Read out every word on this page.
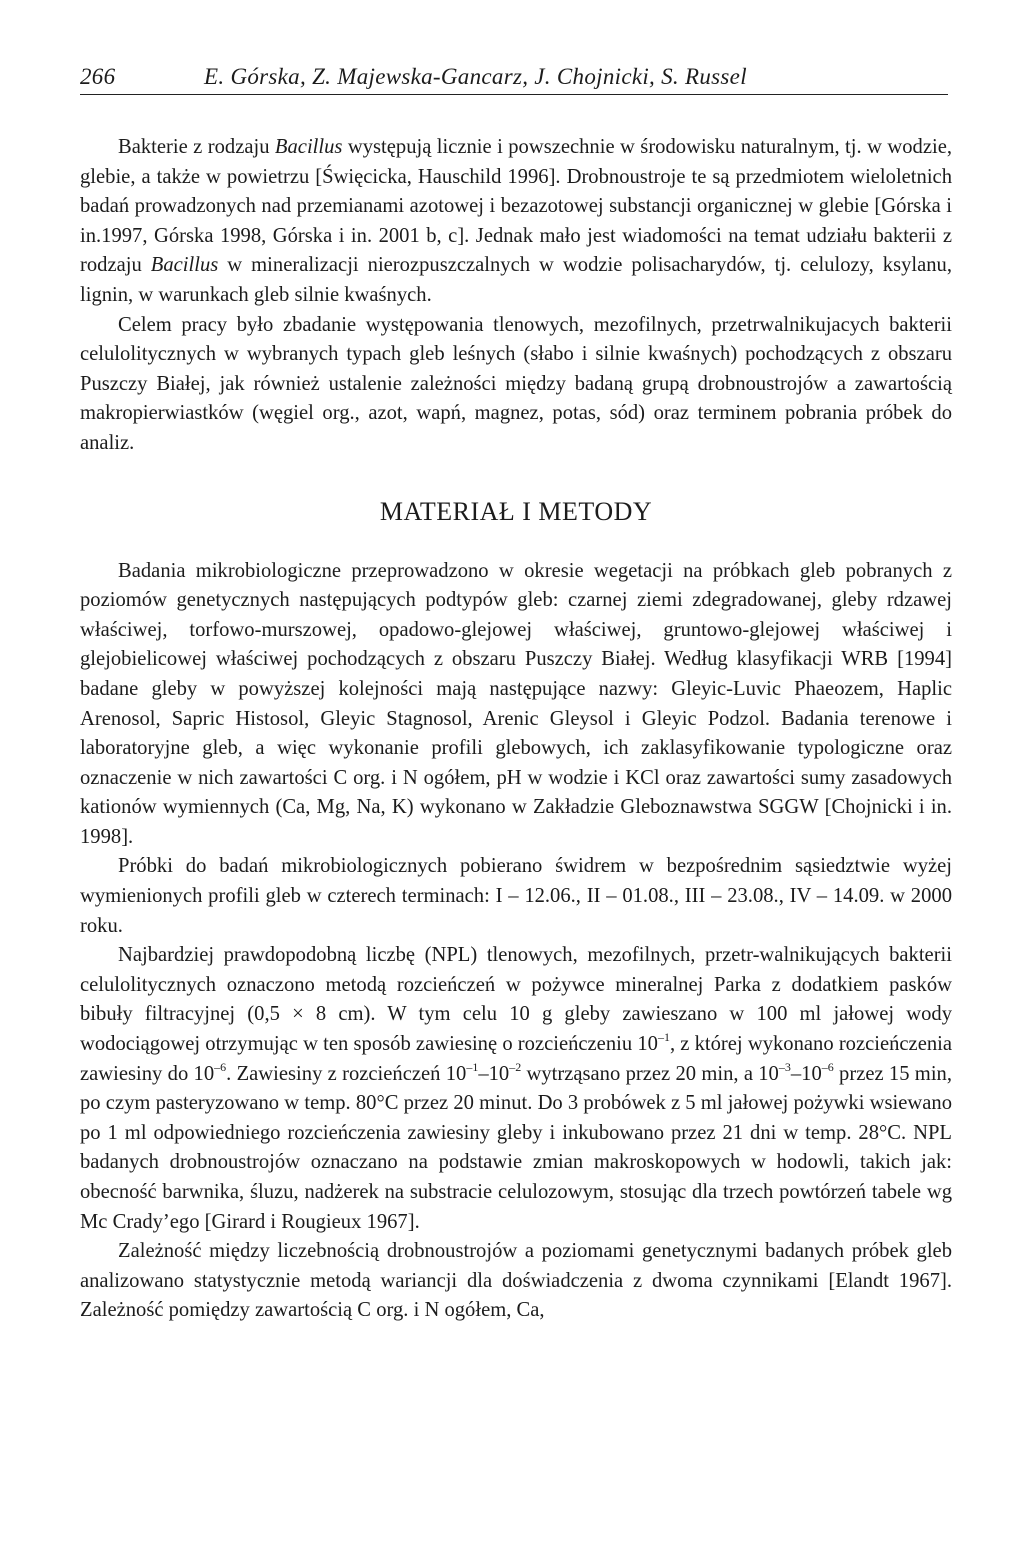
266	E. Górska, Z. Majewska-Gancarz, J. Chojnicki, S. Russel

Bakterie z rodzaju Bacillus występują licznie i powszechnie w środowisku naturalnym, tj. w wodzie, glebie, a także w powietrzu [Święcicka, Hauschild 1996]. Drobnoustroje te są przedmiotem wieloletnich badań prowadzonych nad przemianami azotowej i bezazotowej substancji organicznej w glebie [Górska i in.1997, Górska 1998, Górska i in. 2001 b, c]. Jednak mało jest wiadomości na temat udziału bakterii z rodzaju Bacillus w mineralizacji nierozpuszczalnych w wodzie polisacharydów, tj. celulozy, ksylanu, lignin, w warunkach gleb silnie kwaśnych.

Celem pracy było zbadanie występowania tlenowych, mezofilnych, przetrwalnikujacych bakterii celulolitycznych w wybranych typach gleb leśnych (słabo i silnie kwaśnych) pochodzących z obszaru Puszczy Białej, jak również ustalenie zależności między badaną grupą drobnoustrojów a zawartością makropierwiastków (węgiel org., azot, wapń, magnez, potas, sód) oraz terminem pobrania próbek do analiz.

MATERIAŁ I METODY

Badania mikrobiologiczne przeprowadzono w okresie wegetacji na próbkach gleb pobranych z poziomów genetycznych następujących podtypów gleb: czarnej ziemi zdegradowanej, gleby rdzawej właściwej, torfowo-murszowej, opadowo-glejowej właściwej, gruntowo-glejowej właściwej i glejobielicowej właściwej pochodzących z obszaru Puszczy Białej. Według klasyfikacji WRB [1994] badane gleby w powyższej kolejności mają następujące nazwy: Gleyic-Luvic Phaeozem, Haplic Arenosol, Sapric Histosol, Gleyic Stagnosol, Arenic Gleysol i Gleyic Podzol. Badania terenowe i laboratoryjne gleb, a więc wykonanie profili glebowych, ich zaklasyfikowanie typologiczne oraz oznaczenie w nich zawartości C org. i N ogółem, pH w wodzie i KCl oraz zawartości sumy zasadowych kationów wymiennych (Ca, Mg, Na, K) wykonano w Zakładzie Gleboznawstwa SGGW [Chojnicki i in. 1998].

Próbki do badań mikrobiologicznych pobierano świdrem w bezpośrednim sąsiedztwie wyżej wymienionych profili gleb w czterech terminach: I – 12.06., II – 01.08., III – 23.08., IV – 14.09. w 2000 roku.

Najbardziej prawdopodobną liczbę (NPL) tlenowych, mezofilnych, przetr-walnikujących bakterii celulolitycznych oznaczono metodą rozcieńczeń w pożywce mineralnej Parka z dodatkiem pasków bibuły filtracyjnej (0,5 × 8 cm). W tym celu 10 g gleby zawieszano w 100 ml jałowej wody wodociągowej otrzymując w ten sposób zawiesinę o rozcieńczeniu $10^{-1}$, z której wykonano rozcieńczenia zawiesiny do $10^{-6}$. Zawiesiny z rozcieńczeń $10^{-1}-10^{-2}$ wytrząsano przez 20 min, a $10^{-3}-10^{-6}$ przez 15 min, po czym pasteryzowano w temp. 80°C przez 20 minut. Do 3 probówek z 5 ml jałowej pożywki wsiewano po 1 ml odpowiedniego rozcieńczenia zawiesiny gleby i inkubowano przez 21 dni w temp. 28°C. NPL badanych drobnoustrojów oznaczano na podstawie zmian makroskopowych w hodowli, takich jak: obecność barwnika, śluzu, nadżerek na substracie celulozowym, stosując dla trzech powtórzeń tabele wg Mc Crady’ego [Girard i Rougieux 1967].

Zależność między liczebnością drobnoustrojów a poziomami genetycznymi badanych próbek gleb analizowano statystycznie metodą wariancji dla doświadczenia z dwoma czynnikami [Elandt 1967]. Zależność pomiędzy zawartością C org. i N ogółem, Ca,
